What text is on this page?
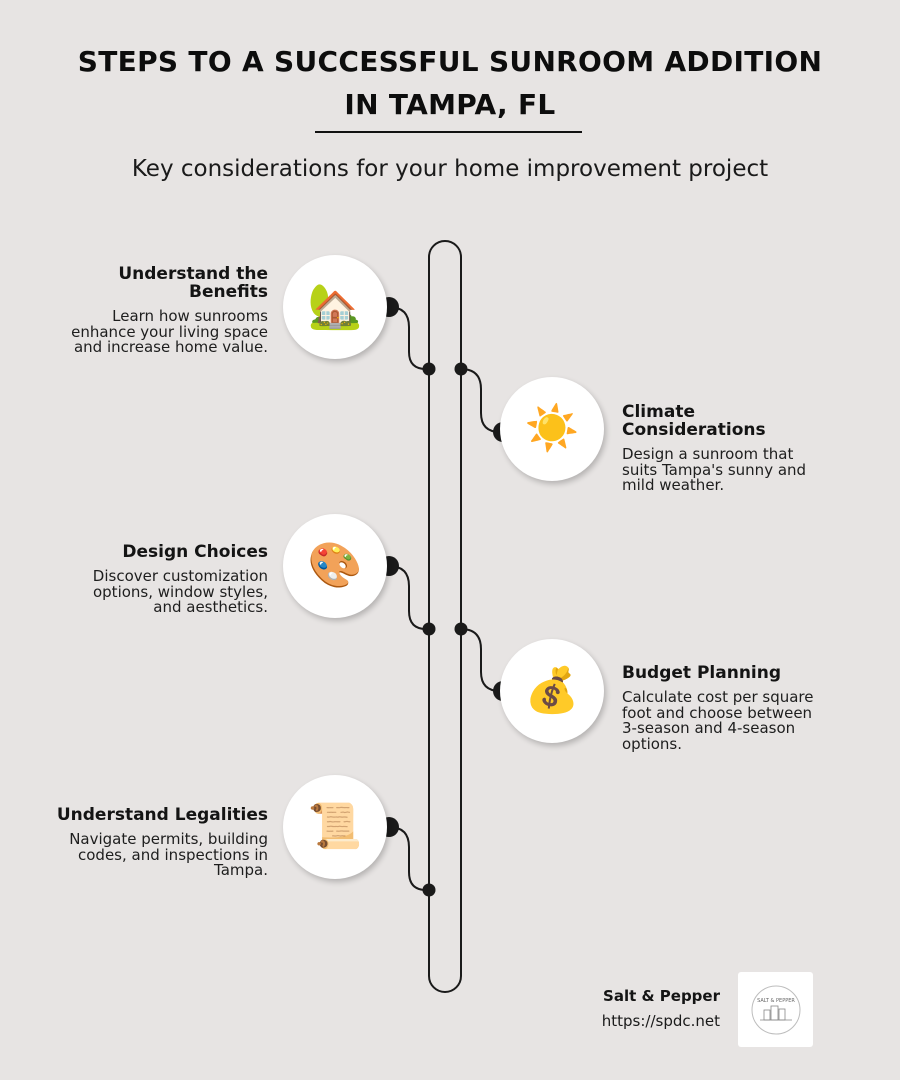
STEPS TO A SUCCESSFUL SUNROOM ADDITION
IN TAMPA, FL
Key considerations for your home improvement project
🏡
☀️
🎨
💰
📜
Understand the
Benefits

Learn how sunrooms
enhance your living space
and increase home value.

Climate Considerations

Design a sunroom that
suits Tampa's sunny and
mild weather.

Design Choices

Discover customization
options, window styles,
and aesthetics.

Budget Planning

Calculate cost per square
foot and choose between
3-season and 4-season
options.

Understand Legalities

Navigate permits, building
codes, and inspections in
Tampa.

Salt & Pepper
https://spdc.net
SALT & PEPPER
